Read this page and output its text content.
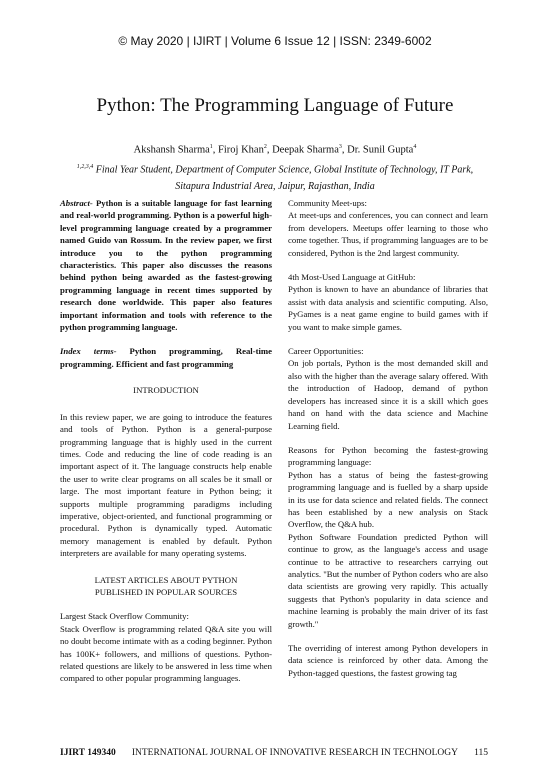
© May 2020 | IJIRT | Volume 6 Issue 12 | ISSN: 2349-6002
Python: The Programming Language of Future
Akshansh Sharma$^1$, Firoj Khan$^2$, Deepak Sharma$^3$, Dr. Sunil Gupta$^4$
$^{1,2,3,4}$ Final Year Student, Department of Computer Science, Global Institute of Technology, IT Park,
Sitapura Industrial Area, Jaipur, Rajasthan, India

Abstract- Python is a suitable language for fast learning and real-world programming. Python is a powerful high-level programming language created by a programmer named Guido van Rossum. In the review paper, we first introduce you to the python programming characteristics. This paper also discusses the reasons behind python being awarded as the fastest-growing programming language in recent times supported by research done worldwide. This paper also features important information and tools with reference to the python programming language.

Index terms- Python programming, Real-time programming. Efficient and fast programming

INTRODUCTION

In this review paper, we are going to introduce the features and tools of Python. Python is a general-purpose programming language that is highly used in the current times. Code and reducing the line of code reading is an important aspect of it. The language constructs help enable the user to write clear programs on all scales be it small or large. The most important feature in Python being; it supports multiple programming paradigms including imperative, object-oriented, and functional programming or procedural. Python is dynamically typed. Automatic memory management is enabled by default. Python interpreters are available for many operating systems.

LATEST ARTICLES ABOUT PYTHON

PUBLISHED IN POPULAR SOURCES

Largest Stack Overflow Community:

Stack Overflow is programming related Q&A site you will no doubt become intimate with as a coding beginner. Python has 100K+ followers, and millions of questions. Python-related questions are likely to be answered in less time when compared to other popular programming languages.

Community Meet-ups:

At meet-ups and conferences, you can connect and learn from developers. Meetups offer learning to those who come together. Thus, if programming languages are to be considered, Python is the 2nd largest community.

4th Most-Used Language at GitHub:

Python is known to have an abundance of libraries that assist with data analysis and scientific computing. Also, PyGames is a neat game engine to build games with if you want to make simple games.

Career Opportunities:

On job portals, Python is the most demanded skill and also with the higher than the average salary offered. With the introduction of Hadoop, demand of python developers has increased since it is a skill which goes hand on hand with the data science and Machine Learning field.

Reasons for Python becoming the fastest-growing programming language:

Python has a status of being the fastest-growing programming language and is fuelled by a sharp upside in its use for data science and related fields. The connect has been established by a new analysis on Stack Overflow, the Q&A hub.

Python Software Foundation predicted Python will continue to grow, as the language's access and usage continue to be attractive to researchers carrying out analytics. "But the number of Python coders who are also data scientists are growing very rapidly. This actually suggests that Python's popularity in data science and machine learning is probably the main driver of its fast growth."

The overriding of interest among Python developers in data science is reinforced by other data. Among the Python-tagged questions, the fastest growing tag

IJIRT 149340 INTERNATIONAL JOURNAL OF INNOVATIVE RESEARCH IN TECHNOLOGY 115
